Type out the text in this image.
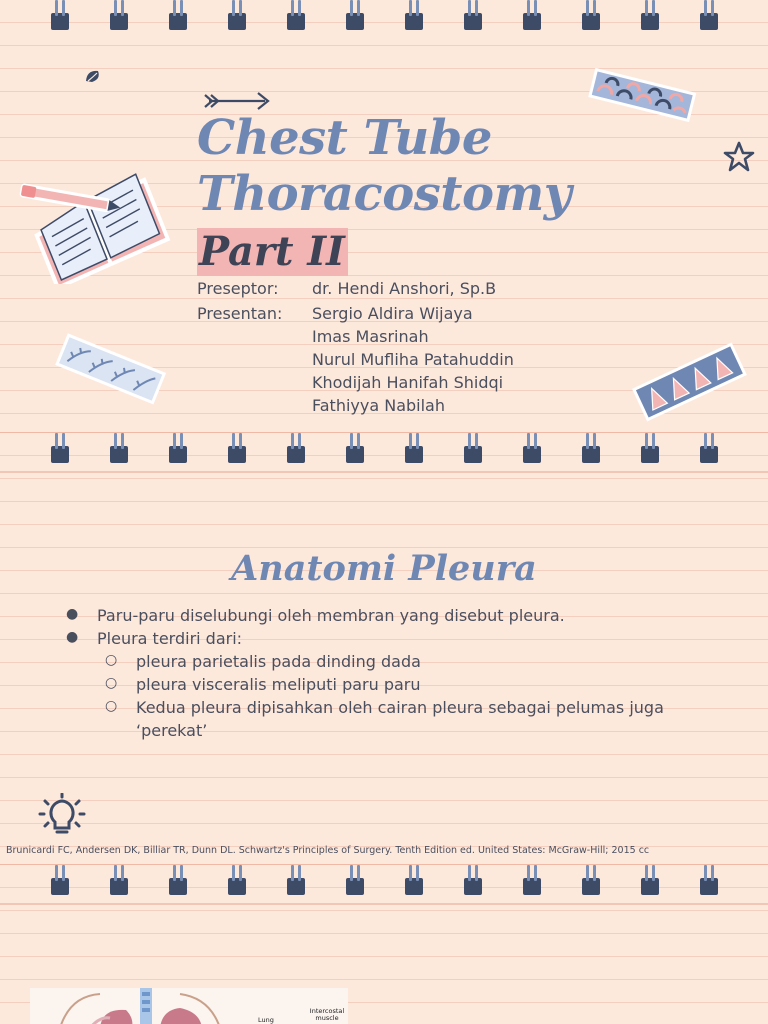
Chest Tube
Thoracostomy
Part II
Preseptor: dr. Hendi Anshori, Sp.B
Presentan: Sergio Aldira Wijaya
Imas Masrinah
Nurul Mufliha Patahuddin
Khodijah Hanifah Shidqi
Fathiyya Nabilah
Anatomi Pleura
● Paru-paru diselubungi oleh membran yang disebut pleura.
● Pleura terdiri dari:
○ pleura parietalis pada dinding dada
○ pleura visceralis meliputi paru paru
○ Kedua pleura dipisahkan oleh cairan pleura sebagai pelumas juga
‘perekat’
Brunicardi FC, Andersen DK, Billiar TR, Dunn DL. Schwartz's Principles of Surgery. Tenth Edition ed. United States: McGraw-Hill; 2015 cc
Lung
Intercostal
muscle
